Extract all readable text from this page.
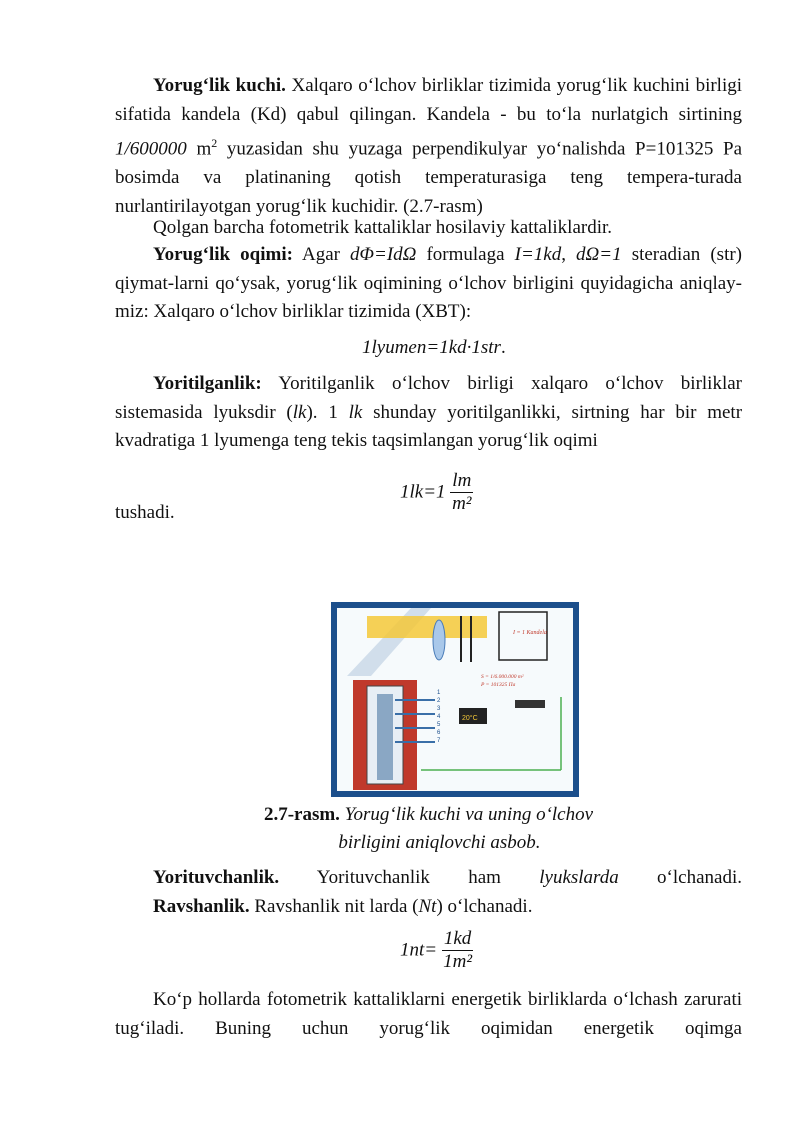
Yorug‘lik kuchi. Xalqaro o‘lchov birliklar tizimida yorug‘lik kuchini birligi sifatida kandela (Kd) qabul qilingan. Kandela - bu to‘la nurlatgich sirtining 1/600000 $m^2$ yuzasidan shu yuzaga perpendikulyar yo‘nalishda P=101325 Pa bosimda va platinaning qotish temperaturasiga teng tempera-turada nurlantirilayotgan yorug‘lik kuchidir. (2.7-rasm)

Qolgan barcha fotometrik kattaliklar hosilaviy kattaliklardir.

Yorug‘lik oqimi: Agar dΦ=IdΩ formulaga I=1kd, dΩ=1 steradian (str) qiymat-larni qo‘ysak, yorug‘lik oqimining o‘lchov birligini quyidagicha aniqlay-miz: Xalqaro o‘lchov birliklar tizimida (XBT):

1lyumen=1kd·1str.

Yoritilganlik: Yoritilganlik o‘lchov birligi xalqaro o‘lchov birliklar sistemasida lyuksdir (lk). 1 lk shunday yoritilganlikki, sirtning har bir metr kvadratiga 1 lyumenga teng tekis taqsimlangan yorug‘lik oqimi

$1lk=1 \frac{lm}{\text{m²}}$

tushadi.

I = 1 Kandela
20°C
S = 1/6.000.000 m²
P = 101325 Па
1
2
3
4
5
6
7
2.7-rasm. Yorug‘lik kuchi va uning o‘lchov
birligini aniqlovchi asbob.

Yorituvchanlik. Yorituvchanlik ham lyukslarda o‘lchanadi.

Ravshanlik. Ravshanlik nit larda (Nt) o‘lchanadi.

$1nt= \frac{1kd}{\text{1m²}}$

Ko‘p hollarda fotometrik kattaliklarni energetik birliklarda o‘lchash zarurati tug‘iladi. Buning uchun yorug‘lik oqimidan energetik oqimga
